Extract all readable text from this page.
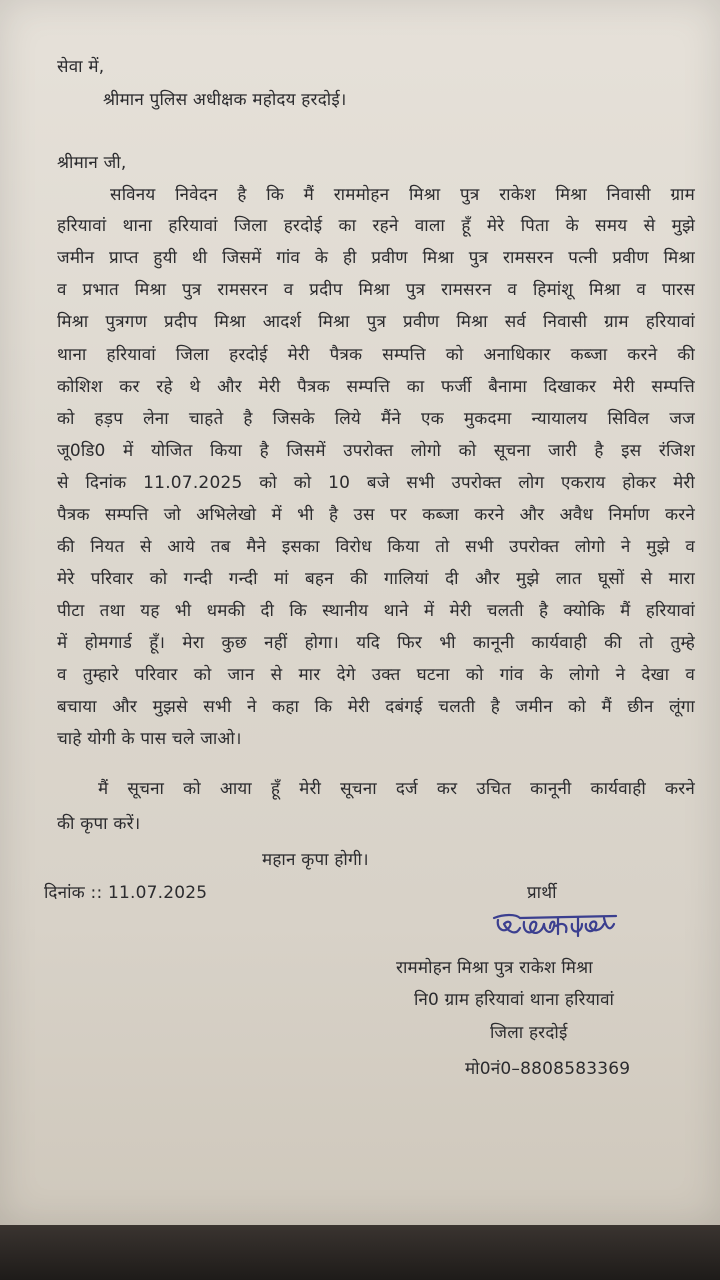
सेवा में,
श्रीमान पुलिस अधीक्षक महोदय हरदोई।
श्रीमान जी,
सविनय निवेदन है कि मैं राममोहन मिश्रा पुत्र राकेश मिश्रा निवासी ग्राम
हरियावां थाना हरियावां जिला हरदोई का रहने वाला हूँ मेरे पिता के समय से मुझे
जमीन प्राप्त हुयी थी जिसमें गांव के ही प्रवीण मिश्रा पुत्र रामसरन पत्नी प्रवीण मिश्रा
व प्रभात मिश्रा पुत्र रामसरन व प्रदीप मिश्रा पुत्र रामसरन व हिमांशू मिश्रा व पारस
मिश्रा पुत्रगण प्रदीप मिश्रा आदर्श मिश्रा पुत्र प्रवीण मिश्रा सर्व निवासी ग्राम हरियावां
थाना हरियावां जिला हरदोई मेरी पैत्रक सम्पत्ति को अनाधिकार कब्जा करने की
कोशिश कर रहे थे और मेरी पैत्रक सम्पत्ति का फर्जी बैनामा दिखाकर मेरी सम्पत्ति
को हड़प लेना चाहते है जिसके लिये मैंने एक मुकदमा न्यायालय सिविल जज
जू0डि0 में योजित किया है जिसमें उपरोक्त लोगो को सूचना जारी है इस रंजिश
से दिनांक 11.07.2025 को को 10 बजे सभी उपरोक्त लोग एकराय होकर मेरी
पैत्रक सम्पत्ति जो अभिलेखो में भी है उस पर कब्जा करने और अवैध निर्माण करने
की नियत से आये तब मैने इसका विरोध किया तो सभी उपरोक्त लोगो ने मुझे व
मेरे परिवार को गन्दी गन्दी मां बहन की गालियां दी और मुझे लात घूसों से मारा
पीटा तथा यह भी धमकी दी कि स्थानीय थाने में मेरी चलती है क्योकि मैं हरियावां
में होमगार्ड हूँ। मेरा कुछ नहीं होगा। यदि फिर भी कानूनी कार्यवाही की तो तुम्हे
व तुम्हारे परिवार को जान से मार देगे उक्त घटना को गांव के लोगो ने देखा व
बचाया और मुझसे सभी ने कहा कि मेरी दबंगई चलती है जमीन को मैं छीन लूंगा
चाहे योगी के पास चले जाओ।
मैं सूचना को आया हूँ मेरी सूचना दर्ज कर उचित कानूनी कार्यवाही करने
की कृपा करें।
महान कृपा होगी।
दिनांक :: 11.07.2025	प्रार्थी
राममोहन मिश्रा पुत्र राकेश मिश्रा
नि0 ग्राम हरियावां थाना हरियावां
जिला हरदोई
मो0नं0–8808583369
